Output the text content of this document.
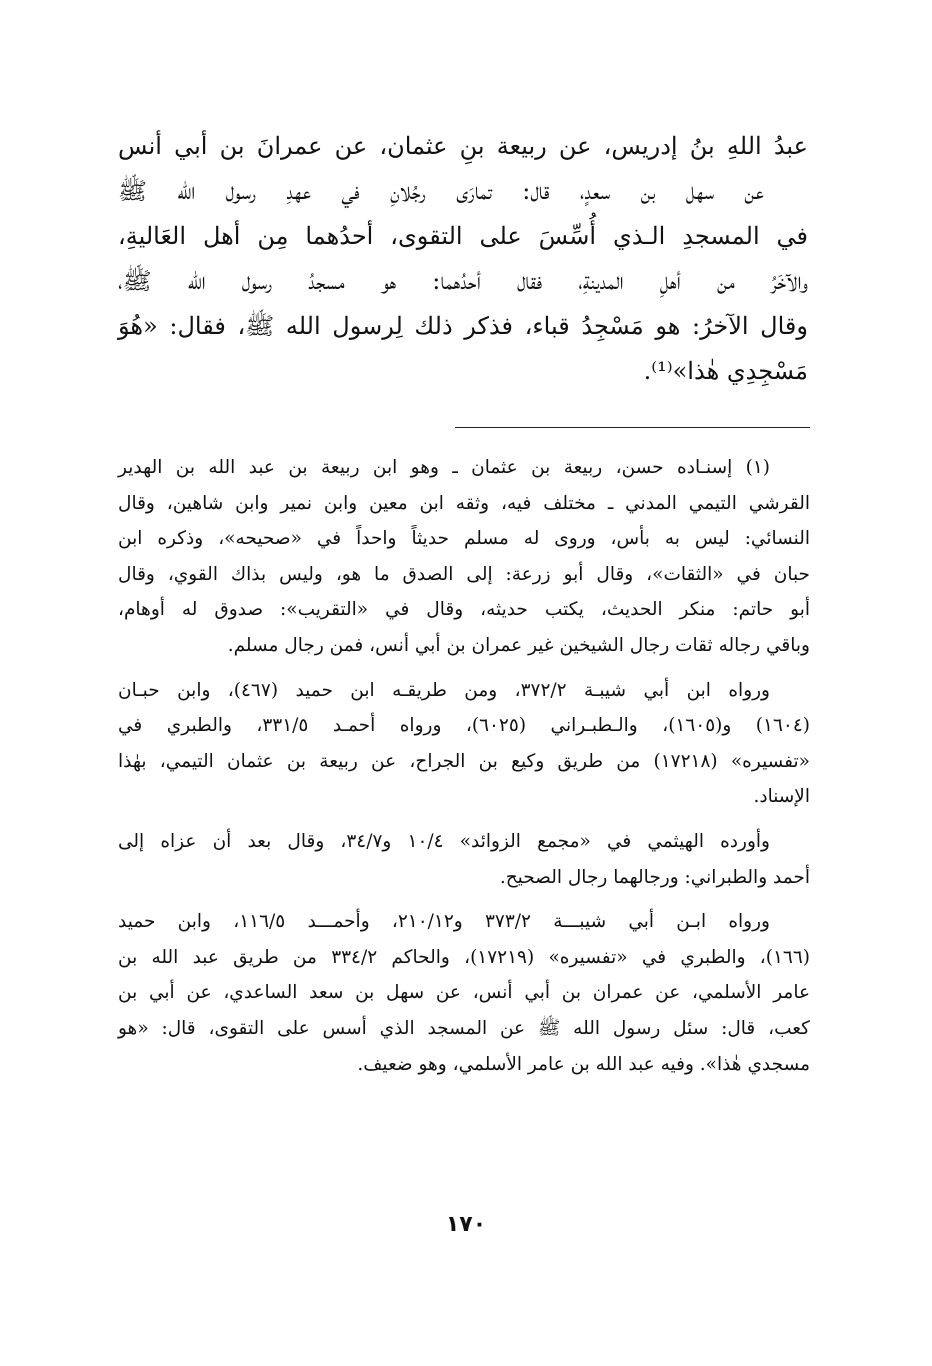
عبدُ اللهِ بنُ إدريس، عن ربيعة بنِ عثمان، عن عمرانَ بن أبي أنس
عن سهل بن سعدٍ، قال: تمارَى رجُلانِ في عهدِ رسول الله ﷺ
في المسجدِ الـذي أُسِّسَ على التقوى، أحدُهما مِن أهل العَاليةِ،
والآخَرُ من أهلِ المدينةِ، فقال أحدُهما: هو مسجدُ رسول الله ﷺ،
وقال الآخرُ: هو مَسْجِدُ قباء، فذكر ذلك لِرسول الله ﷺ، فقال: «هُوَ
مَسْجِدِي هٰذا»⁽¹⁾.
(١) إسنـاده حسن، ربيعة بن عثمان ـ وهو ابن ربيعة بن عبد الله بن الهدير
القرشي التيمي المدني ـ مختلف فيه، وثقه ابن معين وابن نمير وابن شاهين، وقال
النسائي: ليس به بأس، وروى له مسلم حديثاً واحداً في «صحيحه»، وذكره ابن
حبان في «الثقات»، وقال أبو زرعة: إلى الصدق ما هو، وليس بذاك القوي، وقال
أبو حاتم: منكر الحديث، يكتب حديثه، وقال في «التقريب»: صدوق له أوهام،
وباقي رجاله ثقات رجال الشيخين غير عمران بن أبي أنس، فمن رجال مسلم.
ورواه ابن أبي شيبـة ٣٧٢/٢، ومن طريقـه ابن حميد (٤٦٧)، وابن حبـان
(١٦٠٤) و(١٦٠٥)، والـطبـراني (٦٠٢٥)، ورواه أحمـد ٣٣١/٥، والطبري في
«تفسيره» (١٧٢١٨) من طريق وكيع بن الجراح، عن ربيعة بن عثمان التيمي، بهٰذا
الإسناد.
وأورده الهيثمي في «مجمع الزوائد» ١٠/٤ و٣٤/٧، وقال بعد أن عزاه إلى
أحمد والطبراني: ورجالهما رجال الصحيح.
ورواه ابـن أبي شيبـــة ٣٧٣/٢ و٢١٠/١٢، وأحمـــد ١١٦/٥، وابن حميد
(١٦٦)، والطبري في «تفسيره» (١٧٢١٩)، والحاكم ٣٣٤/٢ من طريق عبد الله بن
عامر الأسلمي، عن عمران بن أبي أنس، عن سهل بن سعد الساعدي، عن أبي بن
كعب، قال: سئل رسول الله ﷺ عن المسجد الذي أسس على التقوى، قال: «هو
مسجدي هٰذا». وفيه عبد الله بن عامر الأسلمي، وهو ضعيف.
١٧٠
